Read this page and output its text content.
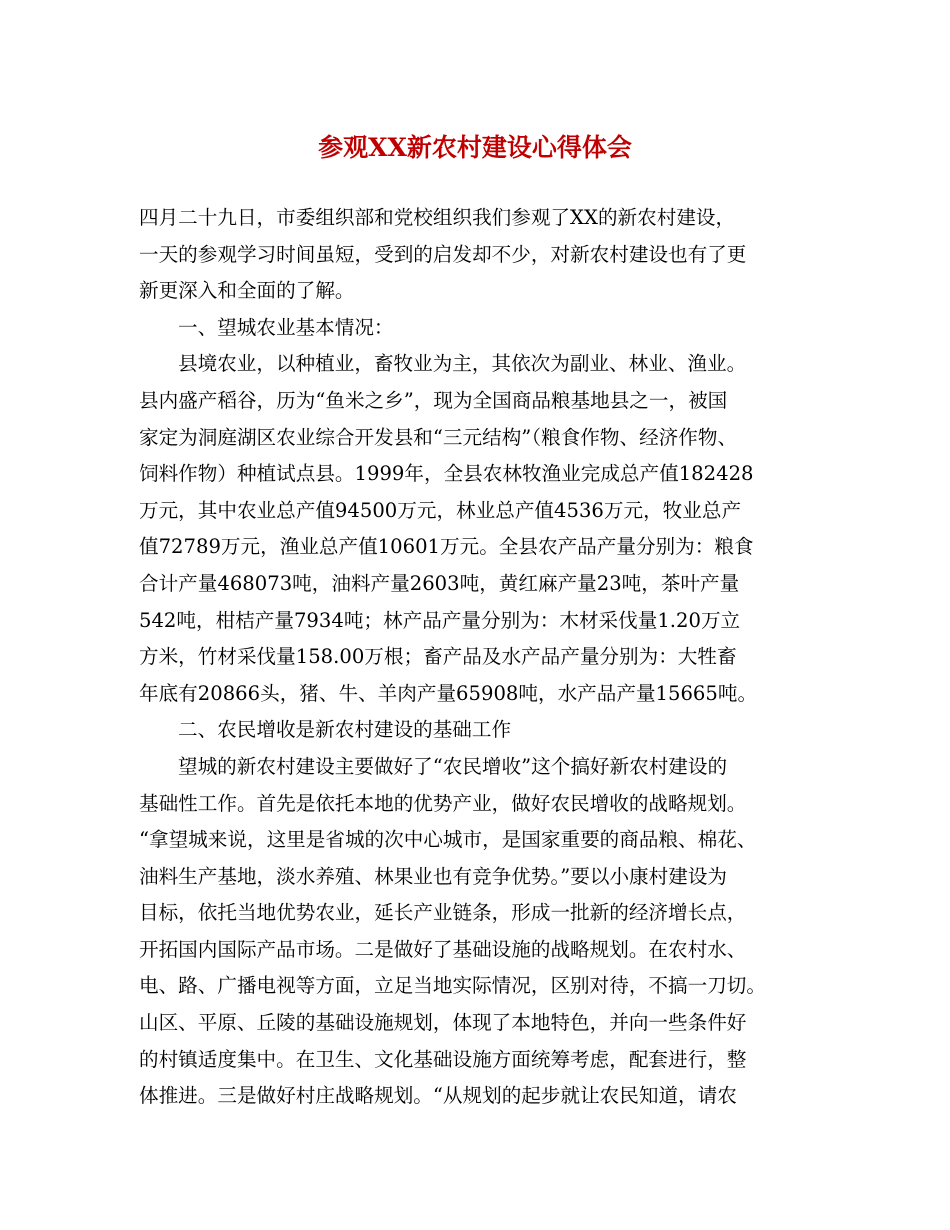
参观XX新农村建设心得体会
四月二十九日，市委组织部和党校组织我们参观了XX的新农村建设，
一天的参观学习时间虽短，受到的启发却不少，对新农村建设也有了更
新更深入和全面的了解。
一、望城农业基本情况：
县境农业，以种植业，畜牧业为主，其依次为副业、林业、渔业。
县内盛产稻谷，历为“鱼米之乡”，现为全国商品粮基地县之一，被国
家定为洞庭湖区农业综合开发县和“三元结构”（粮食作物、经济作物、
饲料作物）种植试点县。1999年，全县农林牧渔业完成总产值182428
万元，其中农业总产值94500万元，林业总产值4536万元，牧业总产
值72789万元，渔业总产值10601万元。全县农产品产量分别为：粮食
合计产量468073吨，油料产量2603吨，黄红麻产量23吨，茶叶产量
542吨，柑桔产量7934吨；林产品产量分别为：木材采伐量1.20万立
方米，竹材采伐量158.00万根；畜产品及水产品产量分别为：大牲畜
年底有20866头，猪、牛、羊肉产量65908吨，水产品产量15665吨。
二、农民增收是新农村建设的基础工作
望城的新农村建设主要做好了“农民增收”这个搞好新农村建设的
基础性工作。首先是依托本地的优势产业，做好农民增收的战略规划。
“拿望城来说，这里是省城的次中心城市，是国家重要的商品粮、棉花、
油料生产基地，淡水养殖、林果业也有竞争优势。”要以小康村建设为
目标，依托当地优势农业，延长产业链条，形成一批新的经济增长点，
开拓国内国际产品市场。二是做好了基础设施的战略规划。在农村水、
电、路、广播电视等方面，立足当地实际情况，区别对待，不搞一刀切。
山区、平原、丘陵的基础设施规划，体现了本地特色，并向一些条件好
的村镇适度集中。在卫生、文化基础设施方面统筹考虑，配套进行，整
体推进。三是做好村庄战略规划。“从规划的起步就让农民知道，请农
